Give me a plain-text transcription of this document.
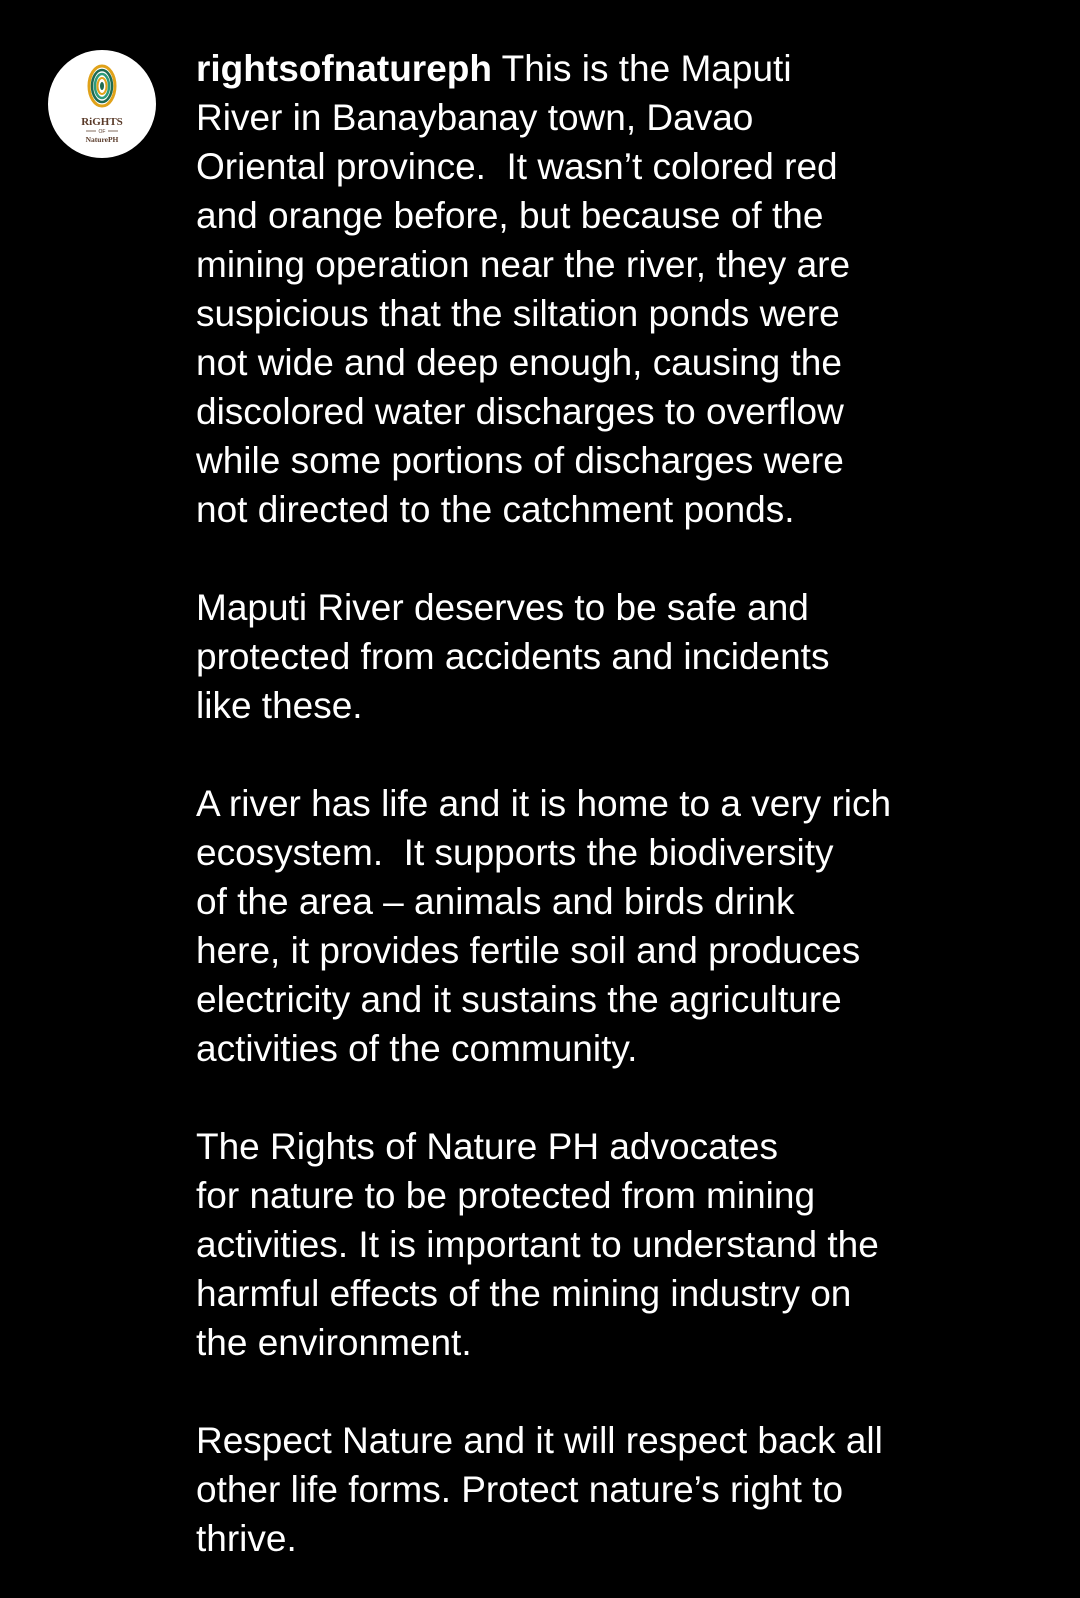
RiGHTS
OF
NaturePH

rightsofnatureph This is the Maputi
River in Banaybanay town, Davao
Oriental province.  It wasn’t colored red
and orange before, but because of the
mining operation near the river, they are
suspicious that the siltation ponds were
not wide and deep enough, causing the
discolored water discharges to overflow
while some portions of discharges were
not directed to the catchment ponds.

Maputi River deserves to be safe and
protected from accidents and incidents
like these.

A river has life and it is home to a very rich
ecosystem.  It supports the biodiversity
of the area – animals and birds drink
here, it provides fertile soil and produces
electricity and it sustains the agriculture
activities of the community.

The Rights of Nature PH advocates
for nature to be protected from mining
activities. It is important to understand the
harmful effects of the mining industry on
the environment.

Respect Nature and it will respect back all
other life forms. Protect nature’s right to
thrive.
